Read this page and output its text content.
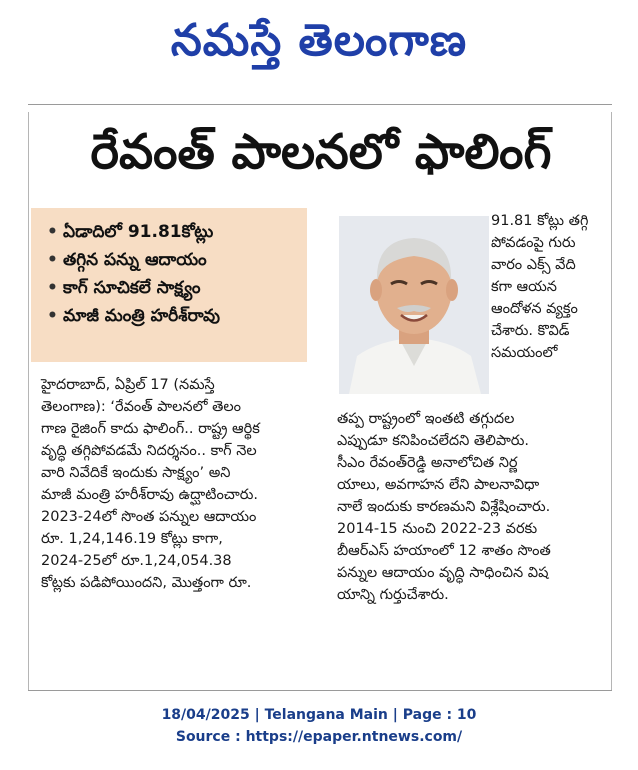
నమస్తే తెలంగాణ
రేవంత్ పాలనలో ఫాలింగ్
• ఏడాదిలో 91.81కోట్లు
• తగ్గిన పన్ను ఆదాయం
• కాగ్ సూచికలే సాక్ష్యం
• మాజీ మంత్రి హరీశ్‌రావు
91.81 కోట్లు తగ్గి
పోవడంపై గురు
వారం ఎక్స్ వేది
కగా ఆయన
ఆందోళన వ్యక్తం
చేశారు. కొవిడ్
సమయంలో
హైదరాబాద్, ఏప్రిల్ 17 (నమస్తే
తెలంగాణ): ‘రేవంత్ పాలనలో తెలం
గాణ రైజింగ్ కాదు ఫాలింగ్.. రాష్ట్ర ఆర్థిక
వృద్ధి తగ్గిపోవడమే నిదర్శనం.. కాగ్ నెల
వారి నివేదికే ఇందుకు సాక్ష్యం’ అని
మాజీ మంత్రి హరీశ్‌రావు ఉద్ఘాటించారు.
2023-24లో సొంత పన్నుల ఆదాయం
రూ. 1,24,146.19 కోట్లు కాగా,
2024-25లో రూ.1,24,054.38
కోట్లకు పడిపోయిందని, మొత్తంగా రూ.
తప్ప రాష్ట్రంలో ఇంతటి తగ్గుదల
ఎప్పుడూ కనిపించలేదని తెలిపారు.
సీఎం రేవంత్‌రెడ్డి అనాలోచిత నిర్ణ
యాలు, అవగాహన లేని పాలనావిధా
నాలే ఇందుకు కారణమని విశ్లేషించారు.
2014-15 నుంచి 2022-23 వరకు
బీఆర్ఎస్ హయాంలో 12 శాతం సొంత
పన్నుల ఆదాయం వృద్ధి సాధించిన విష
యాన్ని గుర్తుచేశారు.
18/04/2025 | Telangana Main | Page : 10
Source : https://epaper.ntnews.com/
